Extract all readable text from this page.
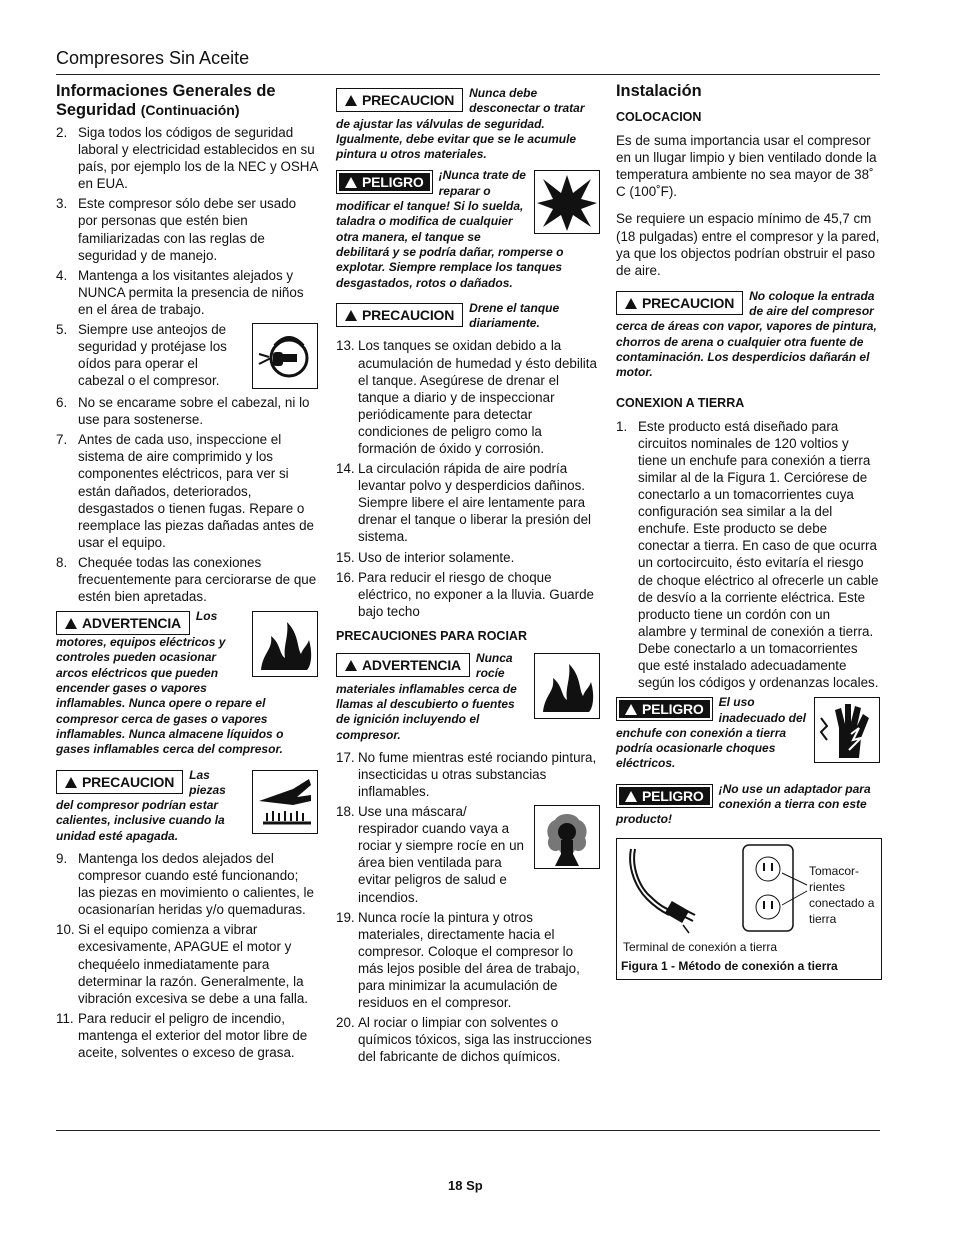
Compresores Sin Aceite
Informaciones Generales de Seguridad (Continuación)
2. Siga todos los códigos de seguridad laboral y electricidad establecidos en su país, por ejemplo los de la NEC y OSHA en EUA.
3. Este compresor sólo debe ser usado por personas que estén bien familiarizadas con las reglas de seguridad y de manejo.
4. Mantenga a los visitantes alejados y NUNCA permita la presencia de niños en el área de trabajo.
5. Siempre use anteojos de seguridad y protéjase los oídos para operar el cabezal o el compresor.
6. No se encarame sobre el cabezal, ni lo use para sostenerse.
7. Antes de cada uso, inspeccione el sistema de aire comprimido y los componentes eléctricos, para ver si están dañados, deteriorados, desgastados o tienen fugas. Repare o reemplace las piezas dañadas antes de usar el equipo.
8. Chequée todas las conexiones frecuentemente para cerciorarse de que estén bien apretadas.
ADVERTENCIA	Los motores, equipos eléctricos y controles pueden ocasionar arcos eléctricos que pueden encender gases o vapores inflamables. Nunca opere o repare el compresor cerca de gases o vapores inflamables. Nunca almacene líquidos o gases inflamables cerca del compresor.
PRECAUCION	Las piezas del compresor podrían estar calientes, inclusive cuando la unidad esté apagada.
9. Mantenga los dedos alejados del compresor cuando esté funcionando; las piezas en movimiento o calientes, le ocasionarían heridas y/o quemaduras.
10. Si el equipo comienza a vibrar excesivamente, APAGUE el motor y chequéelo inmediatamente para determinar la razón. Generalmente, la vibración excesiva se debe a una falla.
11. Para reducir el peligro de incendio, mantenga el exterior del motor libre de aceite, solventes o exceso de grasa.
PRECAUCION	Nunca debe desconectar o tratar de ajustar las válvulas de seguridad. Igualmente, debe evitar que se le acumule pintura u otros materiales.
PELIGRO	¡Nunca trate de reparar o modificar el tanque! Si lo suelda, taladra o modifica de cualquier otra manera, el tanque se debilitará y se podría dañar, romperse o explotar. Siempre remplace los tanques desgastados, rotos o dañados.
PRECAUCION	Drene el tanque diariamente.
13. Los tanques se oxidan debido a la acumulación de humedad y ésto debilita el tanque. Asegúrese de drenar el tanque a diario y de inspeccionar periódicamente para detectar condiciones de peligro como la formación de óxido y corrosión.
14. La circulación rápida de aire podría levantar polvo y desperdicios dañinos. Siempre libere el aire lentamente para drenar el tanque o liberar la presión del sistema.
15. Uso de interior solamente.
16. Para reducir el riesgo de choque eléctrico, no exponer a la lluvia. Guarde bajo techo
PRECAUCIONES PARA ROCIAR
ADVERTENCIA	Nunca rocíe materiales inflamables cerca de llamas al descubierto o fuentes de ignición incluyendo el compresor.
17. No fume mientras esté rociando pintura, insecticidas u otras substancias inflamables.
18. Use una máscara/ respirador cuando vaya a rociar y siempre rocíe en un área bien ventilada para evitar peligros de salud e incendios.
19. Nunca rocíe la pintura y otros materiales, directamente hacia el compresor. Coloque el compresor lo más lejos posible del área de trabajo, para minimizar la acumulación de residuos en el compresor.
20. Al rociar o limpiar con solventes o químicos tóxicos, siga las instrucciones del fabricante de dichos químicos.
Instalación
COLOCACION

Es de suma importancia usar el compresor en un llugar limpio y bien ventilado donde la temperatura ambiente no sea mayor de 38˚ C (100˚F).

Se requiere un espacio mínimo de 45,7 cm (18 pulgadas) entre el compresor y la pared, ya que los objectos podrían obstruir el paso de aire.

PRECAUCION	No coloque la entrada de aire del compresor cerca de áreas con vapor, vapores de pintura, chorros de arena o cualquier otra fuente de contaminación. Los desperdicios dañarán el motor.
CONEXION A TIERRA
1. Este producto está diseñado para circuitos nominales de 120 voltios y tiene un enchufe para conexión a tierra similar al de la Figura 1. Cerciórese de conectarlo a un tomacorrientes cuya configuración sea similar a la del enchufe. Este producto se debe conectar a tierra. En caso de que ocurra un cortocircuito, ésto evitaría el riesgo de choque eléctrico al ofrecerle un cable de desvío a la corriente eléctrica. Este producto tiene un cordón con un alambre y terminal de conexión a tierra. Debe conectarlo a un tomacorrientes que esté instalado adecuadamente según los códigos y ordenanzas locales.
PELIGRO	El uso inadecuado del enchufe con conexión a tierra podría ocasionarle choques eléctricos.
PELIGRO	¡No use un adaptador para conexión a tierra con este producto!
Tomacor-rientes conectado a tierra
Terminal de conexión a tierra
Figura 1 - Método de conexión a tierra
18 Sp
